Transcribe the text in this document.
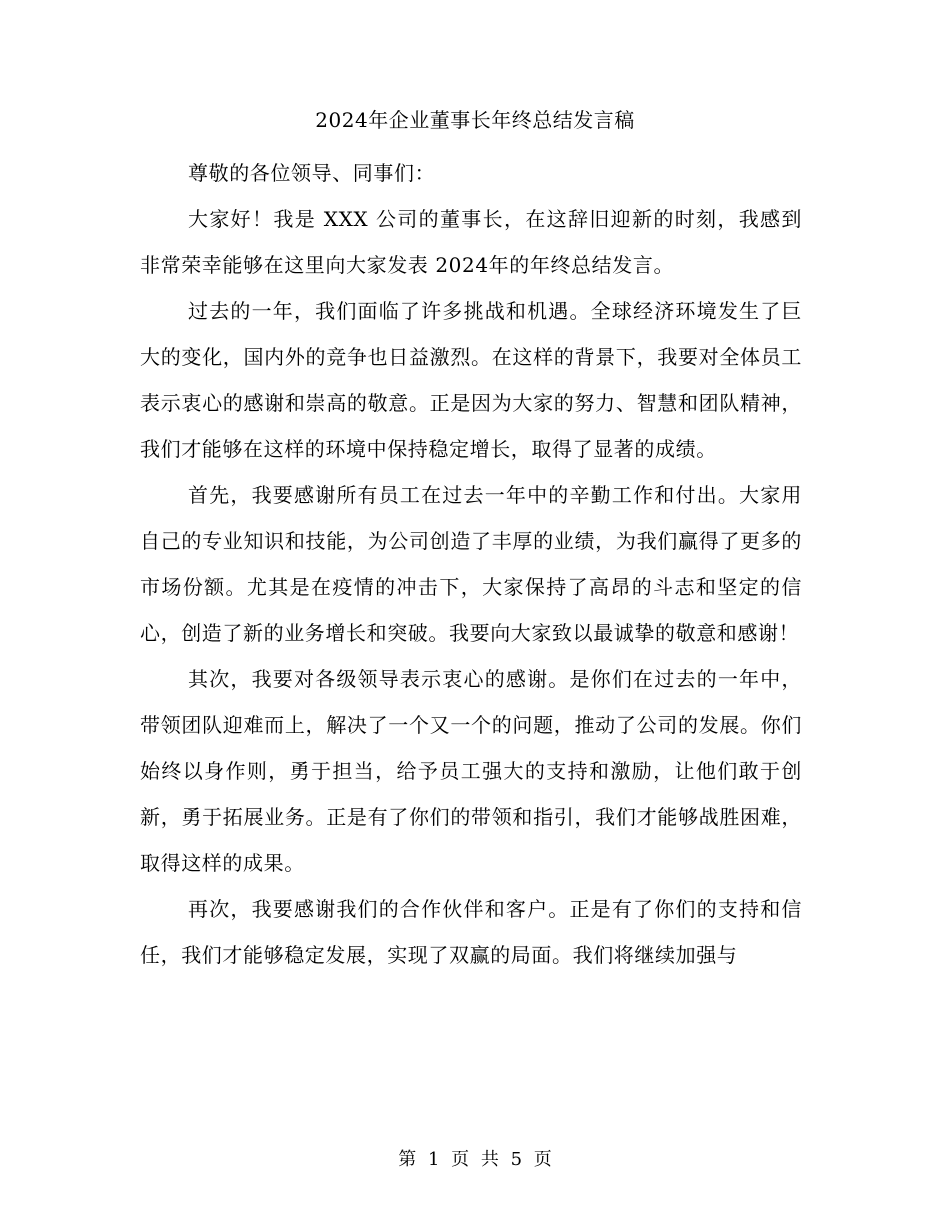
2024年企业董事长年终总结发言稿

尊敬的各位领导、同事们：

大家好！我是 XXX 公司的董事长，在这辞旧迎新的时刻，我感到非常荣幸能够在这里向大家发表 2024年的年终总结发言。

过去的一年，我们面临了许多挑战和机遇。全球经济环境发生了巨大的变化，国内外的竞争也日益激烈。在这样的背景下，我要对全体员工表示衷心的感谢和崇高的敬意。正是因为大家的努力、智慧和团队精神，我们才能够在这样的环境中保持稳定增长，取得了显著的成绩。

首先，我要感谢所有员工在过去一年中的辛勤工作和付出。大家用自己的专业知识和技能，为公司创造了丰厚的业绩，为我们赢得了更多的市场份额。尤其是在疫情的冲击下，大家保持了高昂的斗志和坚定的信心，创造了新的业务增长和突破。我要向大家致以最诚挚的敬意和感谢！

其次，我要对各级领导表示衷心的感谢。是你们在过去的一年中，带领团队迎难而上，解决了一个又一个的问题，推动了公司的发展。你们始终以身作则，勇于担当，给予员工强大的支持和激励，让他们敢于创新，勇于拓展业务。正是有了你们的带领和指引，我们才能够战胜困难，取得这样的成果。

再次，我要感谢我们的合作伙伴和客户。正是有了你们的支持和信任，我们才能够稳定发展，实现了双赢的局面。我们将继续加强与

第 1 页 共 5 页
